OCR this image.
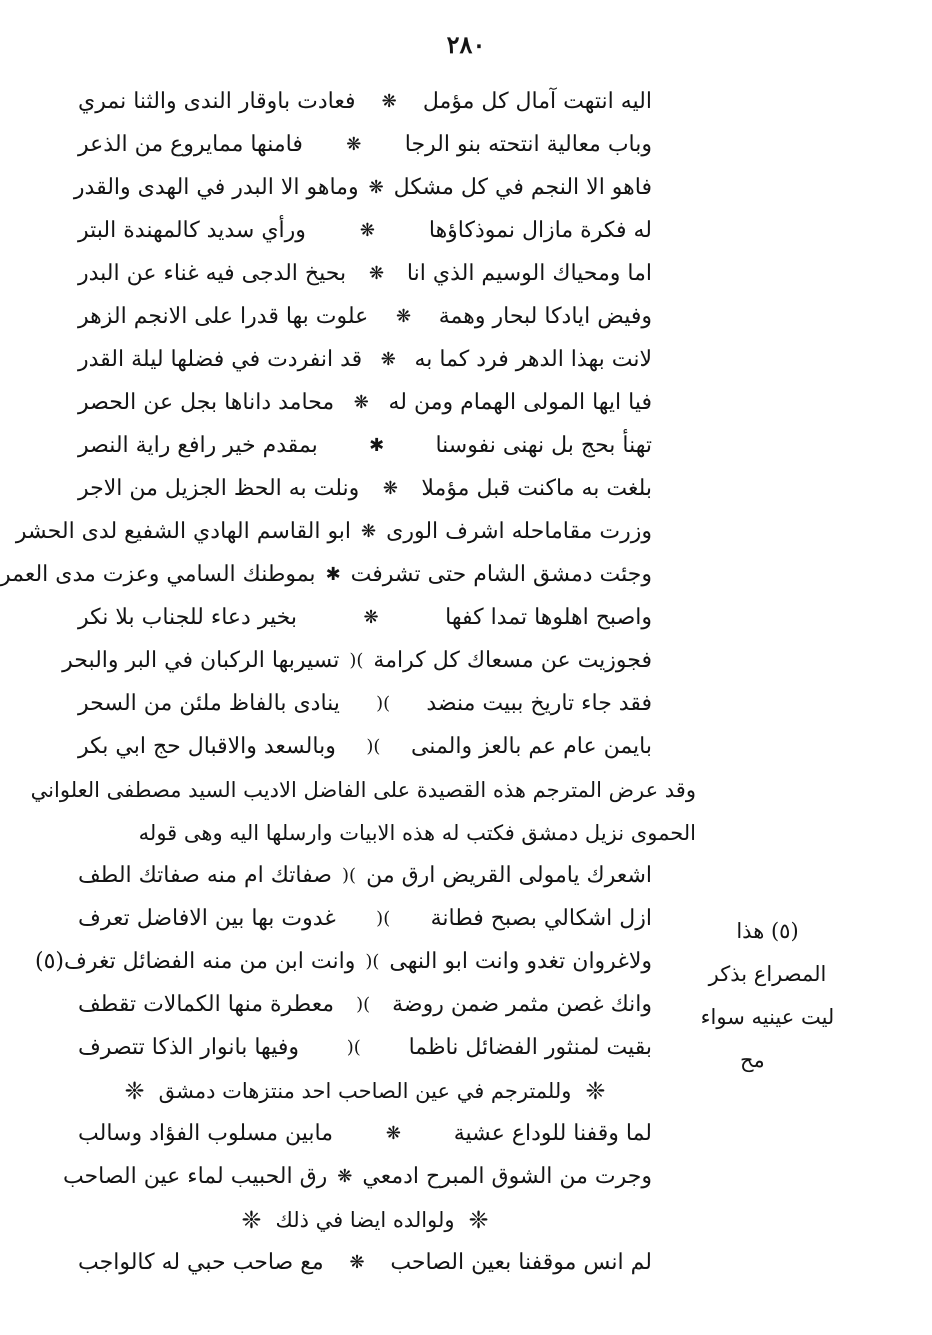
٢٨٠
اليه انتهت آمال كل مؤمل
❋
فعادت باوقار الندى والثنا نمري
وباب معالية انتحته بنو الرجا
❋
فامنها ممايروع من الذعر
فاهو الا النجم في كل مشكل
❋
وماهو الا البدر في الهدى والقدر
له فكرة مازال نموذكاؤها
❋
ورأي سديد كالمهندة البتر
اما ومحياك الوسيم الذي انا
❋
بحيخ الدجى فيه غناء عن البدر
وفيض ايادكا لبحار وهمة
❋
علوت بها قدرا على الانجم الزهر
لانت بهذا الدهر فرد كما به
❋
قد انفردت في فضلها ليلة القدر
فيا ايها المولى الهمام ومن له
❋
محامد داناها بجل عن الحصر
تهنأ بحج بل نهنى نفوسنا
✱
بمقدم خير رافع راية النصر
بلغت به ماكنت قبل مؤملا
❋
ونلت به الحظ الجزيل من الاجر
وزرت مقاماحله اشرف الورى
❋
ابو القاسم الهادي الشفيع لدى الحشر
وجئت دمشق الشام حتى تشرفت
✱
بموطنك السامي وعزت مدى العمر
واصبح اهلوها تمدا كفها
❋
بخير دعاء للجناب بلا نكر
فجوزيت عن مسعاك كل كرامة
)(
تسيربها الركبان في البر والبحر
فقد جاء تاريخ ببيت منضد
)(
ينادى بالفاظ ملئن من السحر
بايمن عام عم بالعز والمنى
)(
وبالسعد والاقبال حج ابي بكر
وقد عرض المترجم هذه القصيدة على الفاضل الاديب السيد مصطفى العلواني
الحموى نزيل دمشق فكتب له هذه الابيات وارسلها اليه وهى قوله
اشعرك يامولى القريض ارق من
)(
صفاتك ام منه صفاتك الطف
ازل اشكالي بصبح فطانة
)(
غدوت بها بين الافاضل تعرف
ولاغروان تغدو وانت ابو النهى
)(
وانت ابن من منه الفضائل تغرف(٥)
وانك غصن مثمر ضمن روضة
)(
معطرة منها الكمالات تقطف
بقيت لمنثور الفضائل ناظما
)(
وفيها بانوار الذكا تتصرف
❈
وللمترجم في عين الصاحب احد منتزهات دمشق
❈
لما وقفنا للوداع عشية
❋
مابين مسلوب الفؤاد وسالب
وجرت من الشوق المبرح ادمعي
❋
رق الحبيب لماء عين الصاحب
❈
ولوالده ايضا في ذلك
❈
لم انس موقفنا بعين الصاحب
❋
مع صاحب حبي له كالواجب
(٥) هذا
المصراع بذكر
ليت عينيه سواء
مح
